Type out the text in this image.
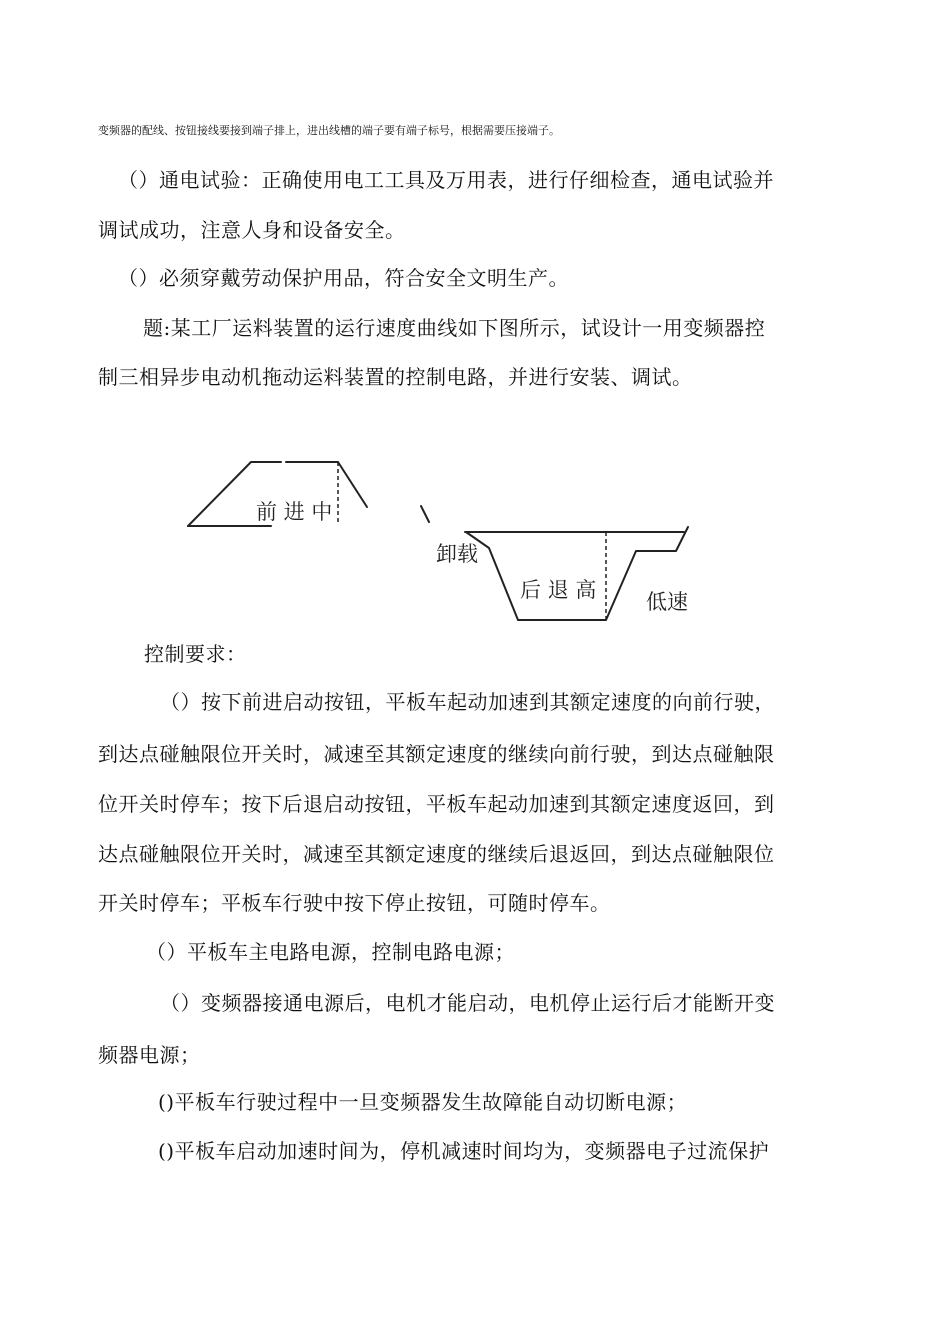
变频器的配线、按钮接线要接到端子排上，进出线槽的端子要有端子标号，根据需要压接端子。
（）通电试验：正确使用电工工具及万用表，进行仔细检查，通电试验并
调试成功，注意人身和设备安全。
（）必须穿戴劳动保护用品，符合安全文明生产。
题:某工厂运料装置的运行速度曲线如下图所示，试设计一用变频器控
制三相异步电动机拖动运料装置的控制电路，并进行安装、调试。
前 进 中
卸载
后 退 高 低速
控制要求：
（）按下前进启动按钮，平板车起动加速到其额定速度的向前行驶，
到达点碰触限位开关时，减速至其额定速度的继续向前行驶，到达点碰触限
位开关时停车；按下后退启动按钮，平板车起动加速到其额定速度返回，到
达点碰触限位开关时，减速至其额定速度的继续后退返回，到达点碰触限位
开关时停车；平板车行驶中按下停止按钮，可随时停车。
（）平板车主电路电源，控制电路电源；
（）变频器接通电源后，电机才能启动，电机停止运行后才能断开变
频器电源；
()平板车行驶过程中一旦变频器发生故障能自动切断电源；
()平板车启动加速时间为，停机减速时间均为，变频器电子过流保护
